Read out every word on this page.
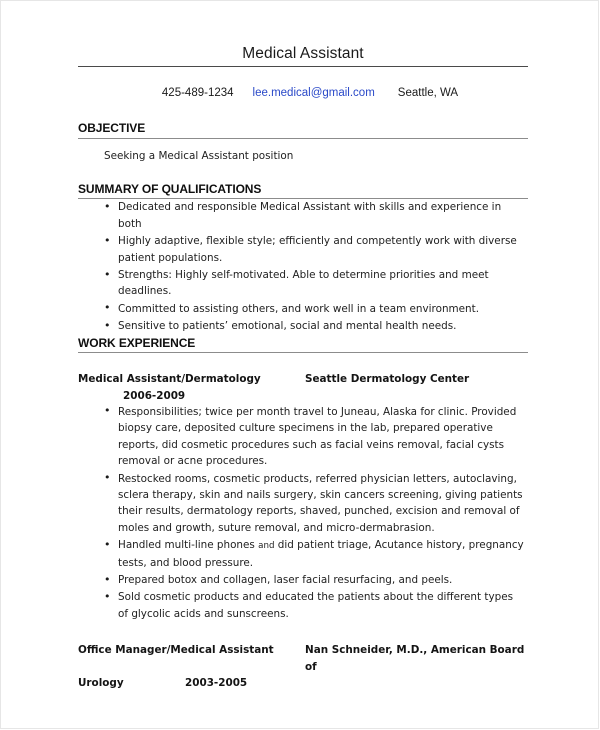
Medical Assistant
425-489-1234 lee.medical@gmail.com Seattle, WA
OBJECTIVE
Seeking a Medical Assistant position
SUMMARY OF QUALIFICATIONS
• Dedicated and responsible Medical Assistant with skills and experience in both
• Highly adaptive, flexible style; efficiently and competently work with diverse patient populations.
• Strengths: Highly self-motivated. Able to determine priorities and meet deadlines.
• Committed to assisting others, and work well in a team environment.
• Sensitive to patients’ emotional, social and mental health needs.
WORK EXPERIENCE
Medical Assistant/Dermatology	Seattle Dermatology Center
2006-2009
• Responsibilities; twice per month travel to Juneau, Alaska for clinic. Provided biopsy care, deposited culture specimens in the lab, prepared operative reports, did cosmetic procedures such as facial veins removal, facial cysts removal or acne procedures.
• Restocked rooms, cosmetic products, referred physician letters, autoclaving, sclera therapy, skin and nails surgery, skin cancers screening, giving patients their results, dermatology reports, shaved, punched, excision and removal of moles and growth, suture removal, and micro-dermabrasion.
• Handled multi-line phones and did patient triage, Acutance history, pregnancy tests, and blood pressure.
• Prepared botox and collagen, laser facial resurfacing, and peels.
• Sold cosmetic products and educated the patients about the different types of glycolic acids and sunscreens.
Office Manager/Medical Assistant	Nan Schneider, M.D., American Board of
Urology	2003-2005
